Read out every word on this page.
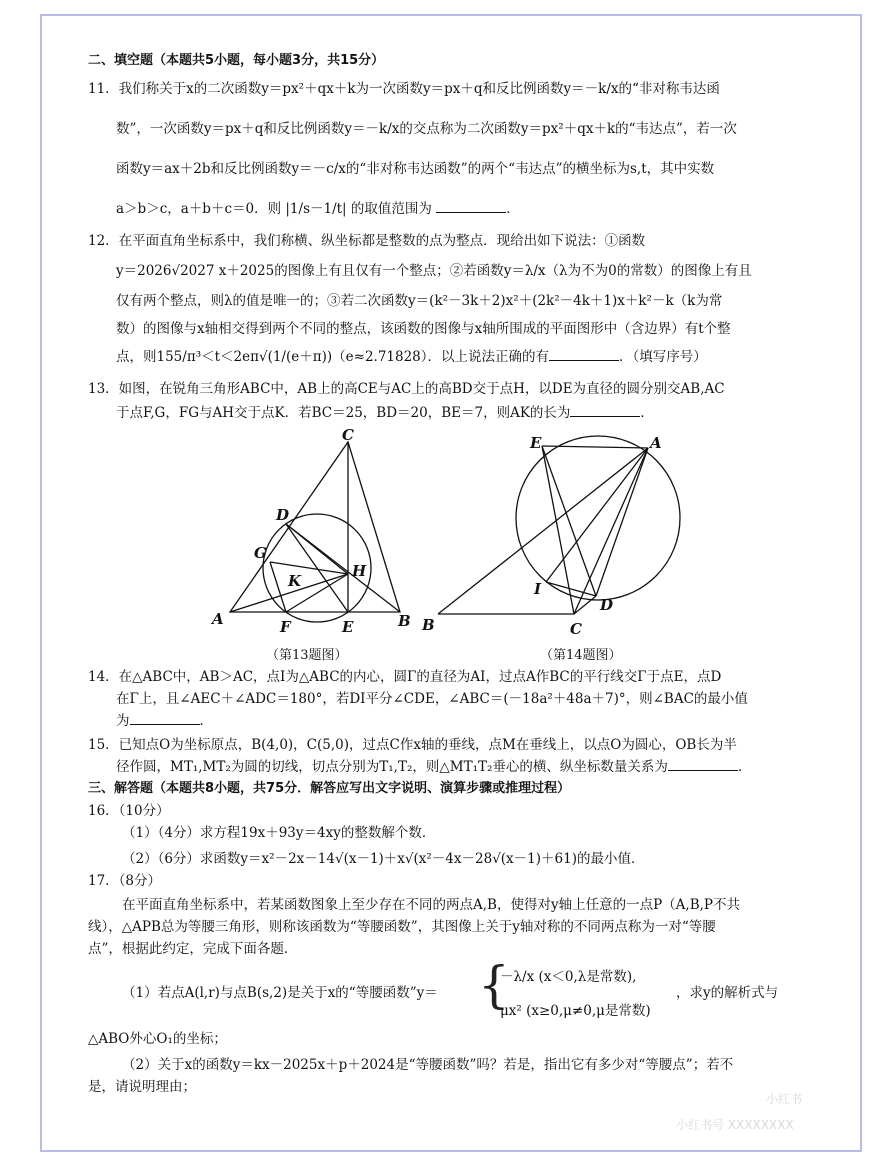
二、填空题（本题共5小题，每小题3分，共15分）
11．我们称关于x的二次函数y＝px²＋qx＋k为一次函数y＝px＋q和反比例函数y＝－k/x的“非对称韦达函
数”，一次函数y＝px＋q和反比例函数y＝－k/x的交点称为二次函数y＝px²＋qx＋k的“韦达点”，若一次
函数y＝ax＋2b和反比例函数y＝－c/x的“非对称韦达函数”的两个“韦达点”的横坐标为s,t，其中实数
a＞b＞c，a＋b＋c＝0．则 |1/s－1/t| 的取值范围为	．
12．在平面直角坐标系中，我们称横、纵坐标都是整数的点为整点．现给出如下说法：①函数
y＝2026√2027 x＋2025的图像上有且仅有一个整点；②若函数y＝λ/x（λ为不为0的常数）的图像上有且
仅有两个整点，则λ的值是唯一的；③若二次函数y＝(k²－3k＋2)x²＋(2k²－4k＋1)x＋k²－k（k为常
数）的图像与x轴相交得到两个不同的整点，该函数的图像与x轴所围成的平面图形中（含边界）有t个整
点，则155/π³＜t＜2eπ√(1/(e＋π))（e≈2.71828）．以上说法正确的有	．（填写序号）
13．如图，在锐角三角形ABC中，AB上的高CE与AC上的高BD交于点H，以DE为直径的圆分别交AB,AC
于点F,G，FG与AH交于点K．若BC＝25，BD＝20，BE＝7，则AK的长为	．
C
D
G
K
H
A	F	E	B
（第13题图）
E	A
I
D
B	C
（第14题图）
14．在△ABC中，AB＞AC，点I为△ABC的内心，圆Γ的直径为AI，过点A作BC的平行线交Γ于点E，点D
在Γ上，且∠AEC＋∠ADC＝180°，若DI平分∠CDE，∠ABC＝(－18a²＋48a＋7)°，则∠BAC的最小值
为	．
15．已知点O为坐标原点，B(4,0)，C(5,0)，过点C作x轴的垂线，点M在垂线上，以点O为圆心，OB长为半
径作圆，MT₁,MT₂为圆的切线，切点分别为T₁,T₂，则△MT₁T₂垂心的横、纵坐标数量关系为	．
三、解答题（本题共8小题，共75分．解答应写出文字说明、演算步骤或推理过程）
16．（10分）
（1）（4分）求方程19x＋93y＝4xy的整数解个数．
（2）（6分）求函数y＝x²－2x－14√(x－1)＋x√(x²－4x－28√(x－1)＋61)的最小值．
17．（8分）
在平面直角坐标系中，若某函数图象上至少存在不同的两点A,B，使得对y轴上任意的一点P（A,B,P不共
线），△APB总为等腰三角形，则称该函数为“等腰函数”，其图像上关于y轴对称的不同两点称为一对“等腰
点”，根据此约定，完成下面各题．
（1）若点A(l,r)与点B(s,2)是关于x的“等腰函数”y＝ {
－λ/x (x＜0,λ是常数),
μx² (x≥0,μ≠0,μ是常数)
，求y的解析式与
△ABO外心O₁的坐标；
（2）关于x的函数y＝kx－2025x＋p＋2024是“等腰函数”吗？若是，指出它有多少对“等腰点”；若不
是，请说明理由；
小红书
小红书号 XXXXXXXX
